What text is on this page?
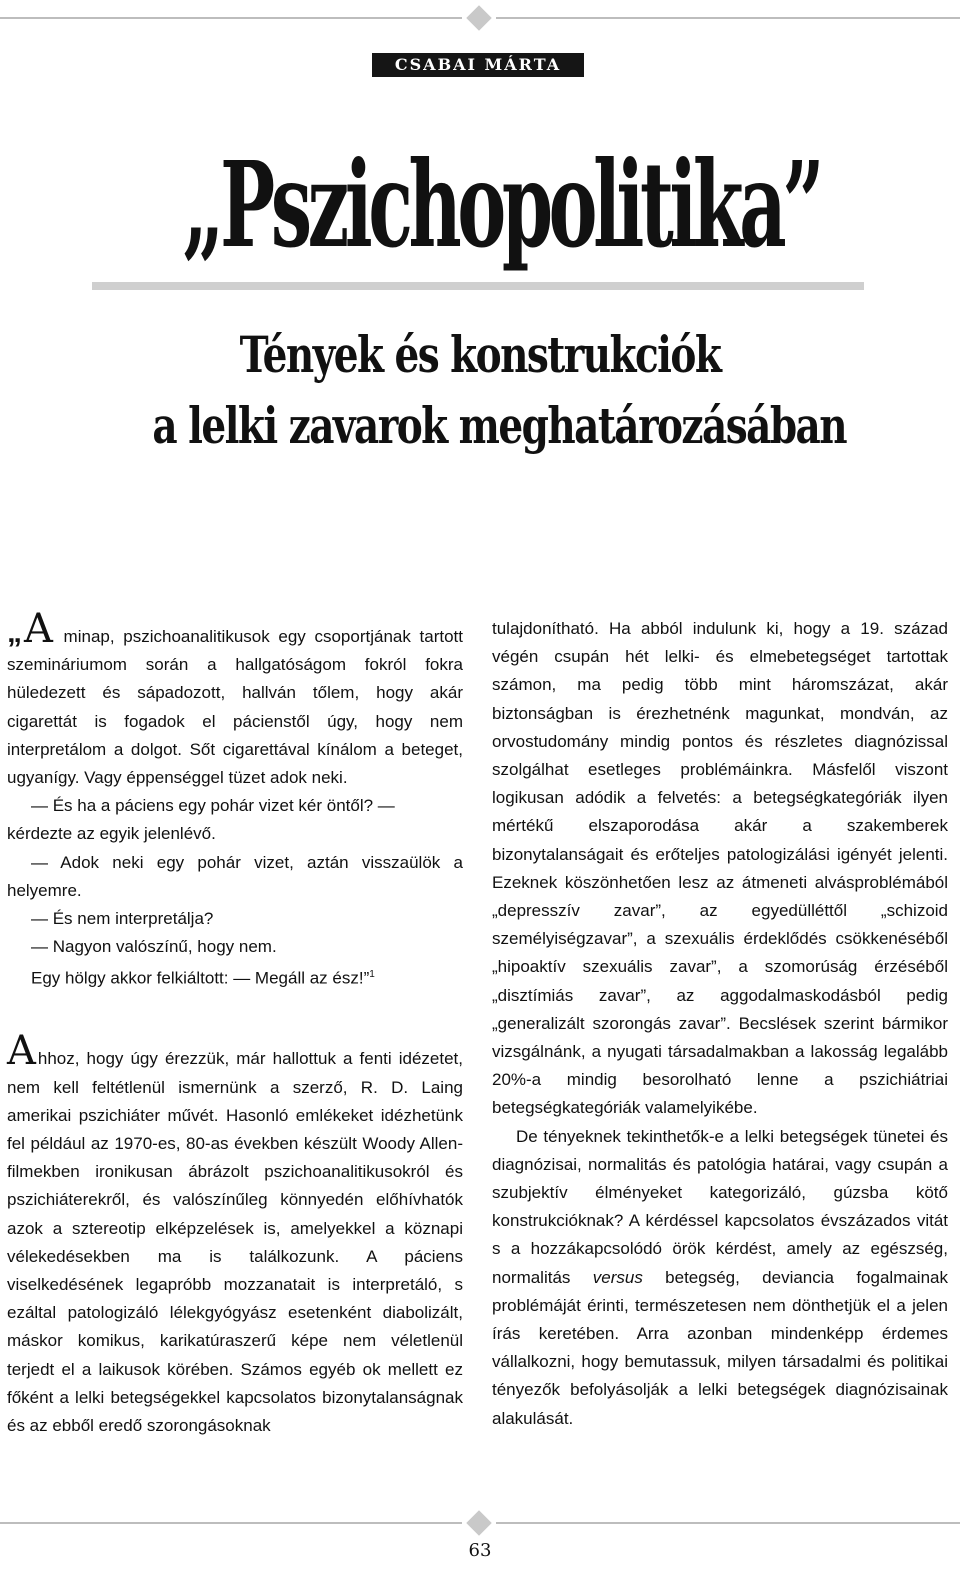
CSABAI MÁRTA
„Pszichopolitika”
Tények és konstrukciók
a lelki zavarok meghatározásában

„A minap, pszichoanalitikusok egy csoportjának tartott szemináriumom során a hallgatóságom fokról fokra hüledezett és sápadozott, hallván tőlem, hogy akár cigarettát is fogadok el pácienstől úgy, hogy nem interpretálom a dolgot. Sőt cigarettával kínálom a beteget, ugyanígy. Vagy éppenséggel tüzet adok neki.

— És ha a páciens egy pohár vizet kér öntől? — kérdezte az egyik jelenlévő.

— Adok neki egy pohár vizet, aztán visszaülök a helyemre.

— És nem interpretálja?

— Nagyon valószínű, hogy nem.

Egy hölgy akkor felkiáltott: — Megáll az ész!”$^1$

Ahhoz, hogy úgy érezzük, már hallottuk a fenti idézetet, nem kell feltétlenül ismernünk a szerző, R. D. Laing amerikai pszichiáter művét. Hasonló emlékeket idézhetünk fel például az 1970-es, 80-as években készült Woody Allen-filmekben ironikusan ábrázolt pszichoanalitikusokról és pszichiáterekről, és valószínűleg könnyedén előhívhatók azok a sztereotip elképzelések is, amelyekkel a köznapi vélekedésekben ma is találkozunk. A páciens viselkedésének legapróbb mozzanatait is interpretáló, s ezáltal patologizáló lélekgyógyász esetenként diabolizált, máskor komikus, karikatúraszerű képe nem véletlenül terjedt el a laikusok körében. Számos egyéb ok mellett ez főként a lelki betegségekkel kapcsolatos bizonytalanságnak és az ebből eredő szorongásoknak

tulajdonítható. Ha abból indulunk ki, hogy a 19. század végén csupán hét lelki- és elmebetegséget tartottak számon, ma pedig több mint háromszázat, akár biztonságban is érezhetnénk magunkat, mondván, az orvostudomány mindig pontos és részletes diagnózissal szolgálhat esetleges problémáinkra. Másfelől viszont logikusan adódik a felvetés: a betegségkategóriák ilyen mértékű elszaporodása akár a szakemberek bizonytalanságait és erőteljes patologizálási igényét jelenti. Ezeknek köszönhetően lesz az átmeneti alvásproblémából „depresszív zavar”, az egyedülléttől „schizoid személyiségzavar”, a szexuális érdeklődés csökkenéséből „hipoaktív szexuális zavar”, a szomorúság érzéséből „disztímiás zavar”, az aggodalmaskodásból pedig „generalizált szorongás zavar”. Becslések szerint bármikor vizsgálnánk, a nyugati társadalmakban a lakosság legalább 20%-a mindig besorolható lenne a pszichiátriai betegségkategóriák valamelyikébe.

De tényeknek tekinthetők-e a lelki betegségek tünetei és diagnózisai, normalitás és patológia határai, vagy csupán a szubjektív élményeket kategorizáló, gúzsba kötő konstrukcióknak? A kérdéssel kapcsolatos évszázados vitát s a hozzákapcsolódó örök kérdést, amely az egészség, normalitás versus betegség, deviancia fogalmainak problémáját érinti, természetesen nem dönthetjük el a jelen írás keretében. Arra azonban mindenképp érdemes vállalkozni, hogy bemutassuk, milyen társadalmi és politikai tényezők befolyásolják a lelki betegségek diagnózisainak alakulását.

63
